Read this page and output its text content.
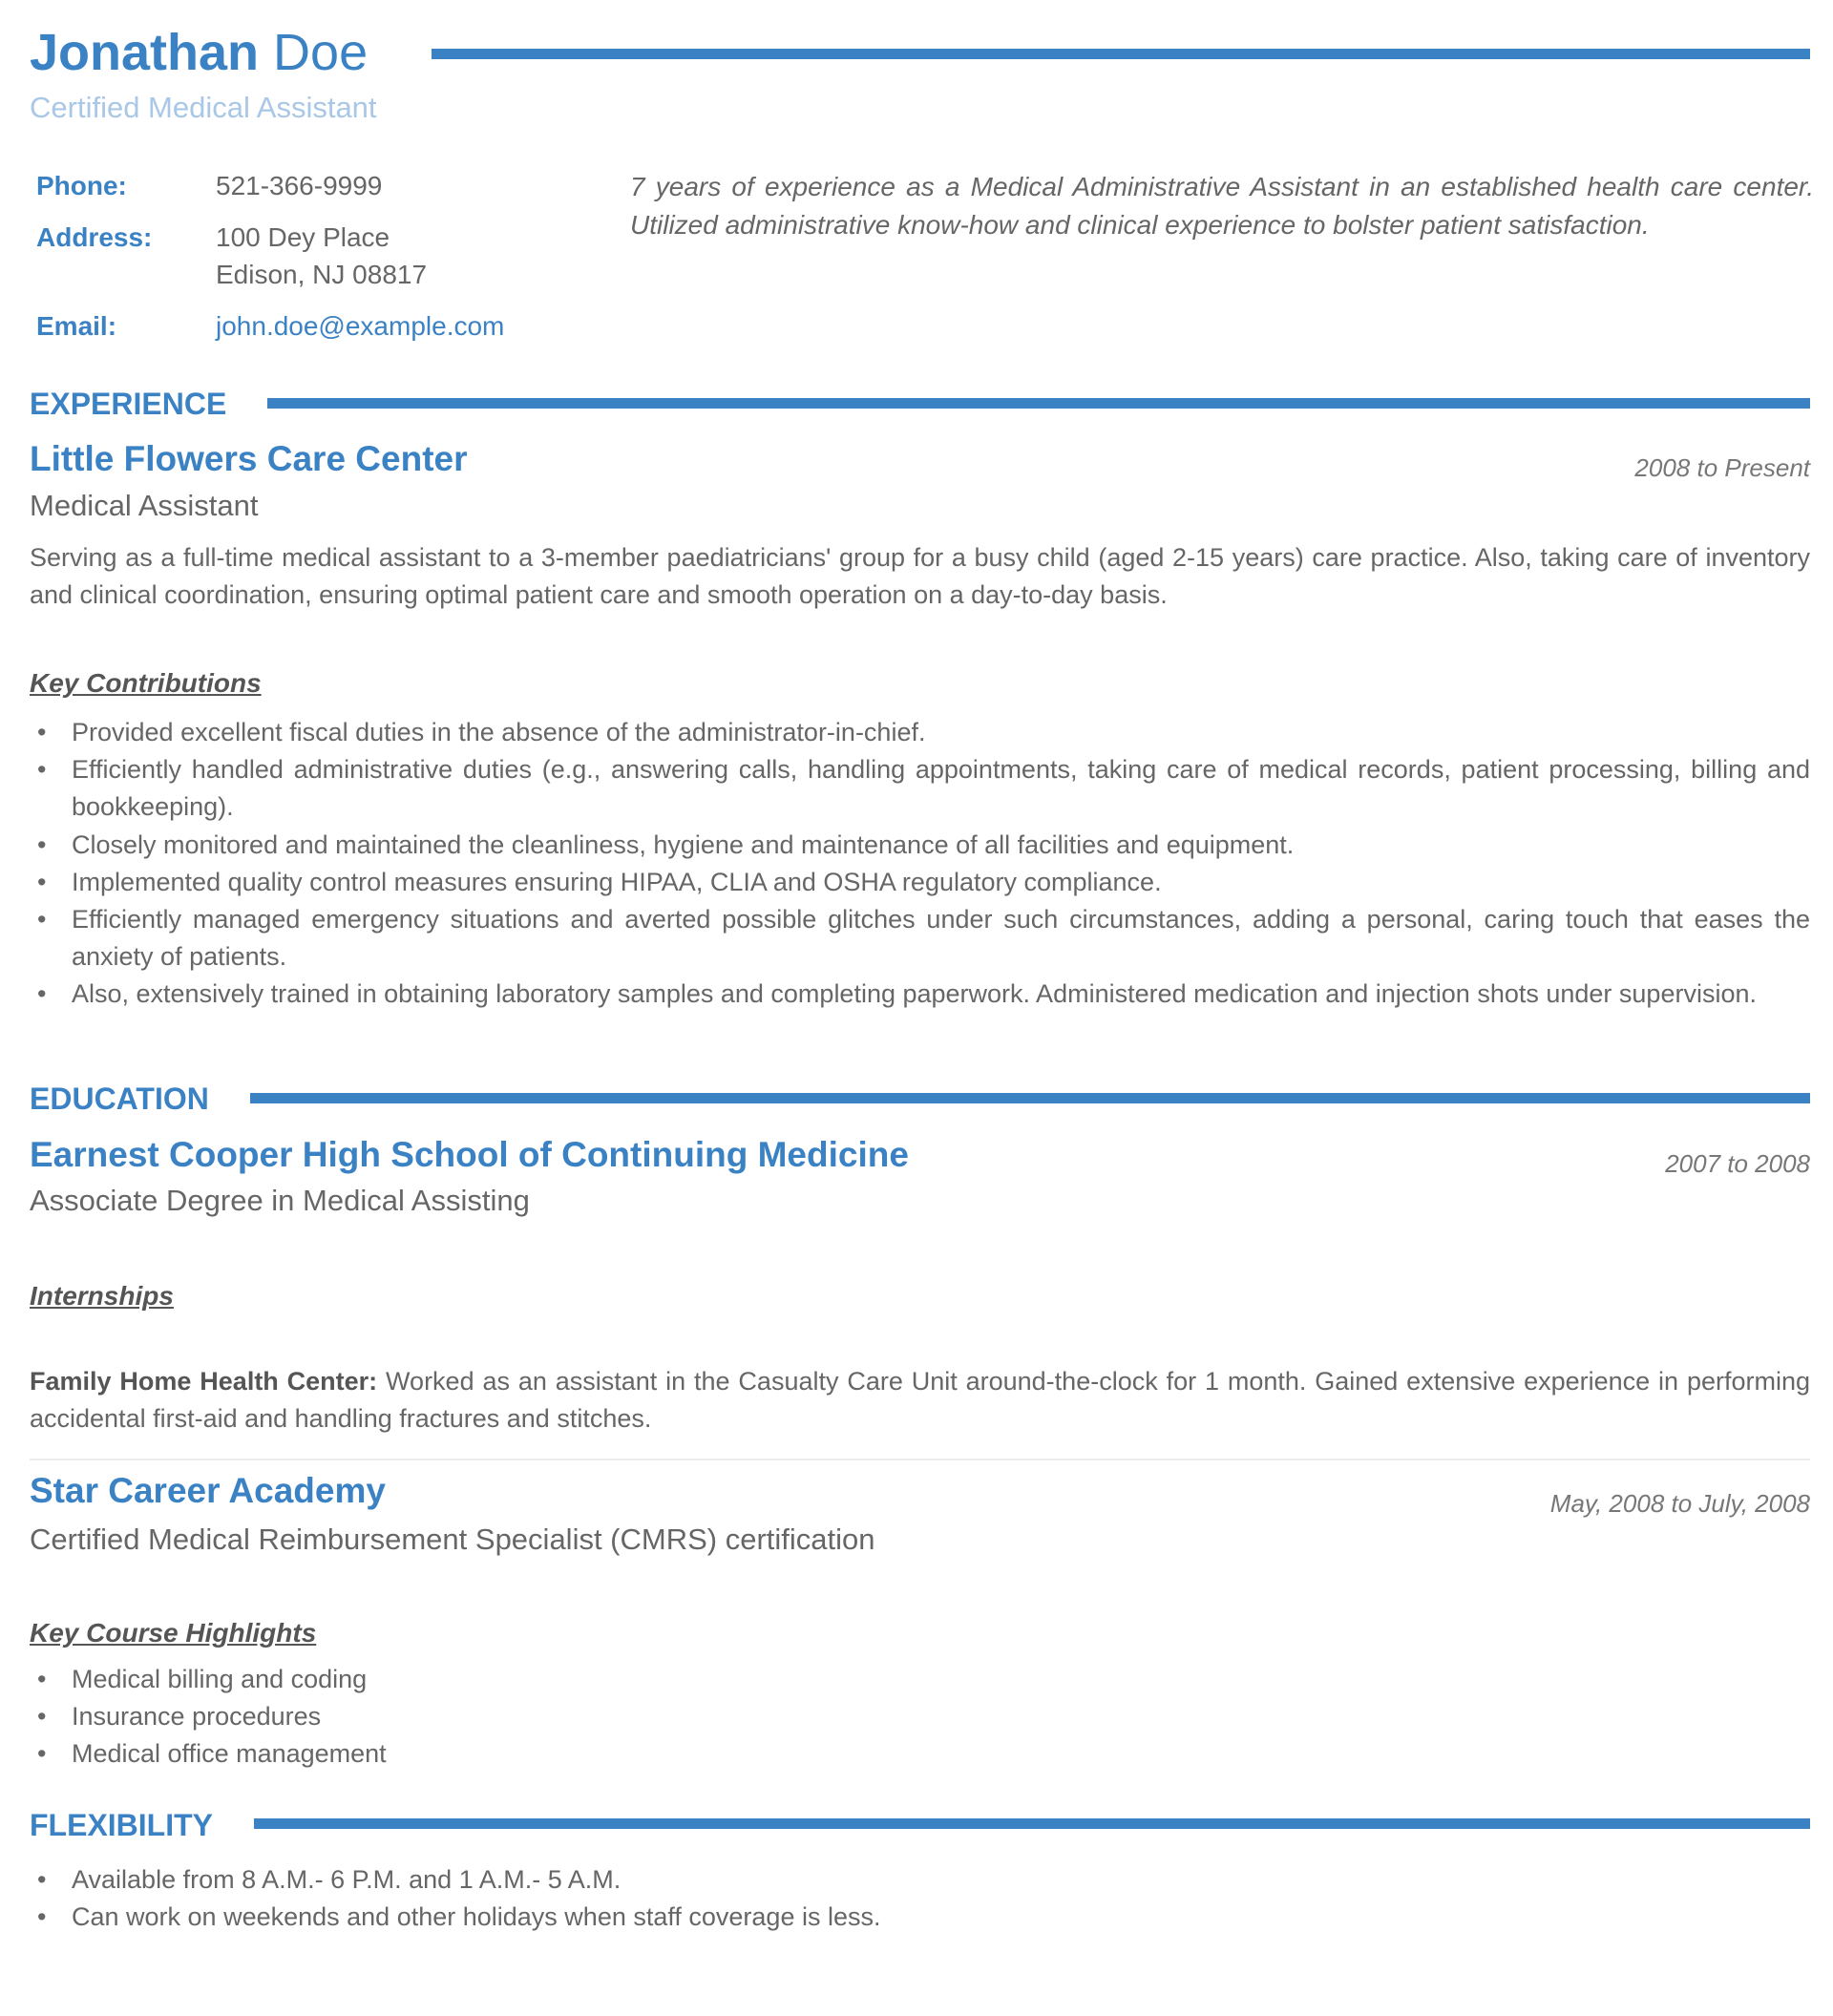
Jonathan Doe
Certified Medical Assistant
Phone:	521-366-9999
Address: 100 Dey Place
Edison, NJ 08817
Email:	john.doe@example.com
7 years of experience as a Medical Administrative Assistant in an established health care center. Utilized administrative know-how and clinical experience to bolster patient satisfaction.
EXPERIENCE
Little Flowers Care Center	2008 to Present
Medical Assistant
Serving as a full-time medical assistant to a 3-member paediatricians' group for a busy child (aged 2-15 years) care practice. Also, taking care of inventory and clinical coordination, ensuring optimal patient care and smooth operation on a day-to-day basis.
Key Contributions
• Provided excellent fiscal duties in the absence of the administrator-in-chief.
• Efficiently handled administrative duties (e.g., answering calls, handling appointments, taking care of medical records, patient processing, billing and bookkeeping).
• Closely monitored and maintained the cleanliness, hygiene and maintenance of all facilities and equipment.
• Implemented quality control measures ensuring HIPAA, CLIA and OSHA regulatory compliance.
• Efficiently managed emergency situations and averted possible glitches under such circumstances, adding a personal, caring touch that eases the anxiety of patients.
• Also, extensively trained in obtaining laboratory samples and completing paperwork. Administered medication and injection shots under supervision.
EDUCATION
Earnest Cooper High School of Continuing Medicine	2007 to 2008
Associate Degree in Medical Assisting
Internships
Family Home Health Center: Worked as an assistant in the Casualty Care Unit around-the-clock for 1 month. Gained extensive experience in performing accidental first-aid and handling fractures and stitches.
Star Career Academy	May, 2008 to July, 2008
Certified Medical Reimbursement Specialist (CMRS) certification
Key Course Highlights
• Medical billing and coding
• Insurance procedures
• Medical office management
FLEXIBILITY
• Available from 8 A.M.- 6 P.M. and 1 A.M.- 5 A.M.
• Can work on weekends and other holidays when staff coverage is less.
